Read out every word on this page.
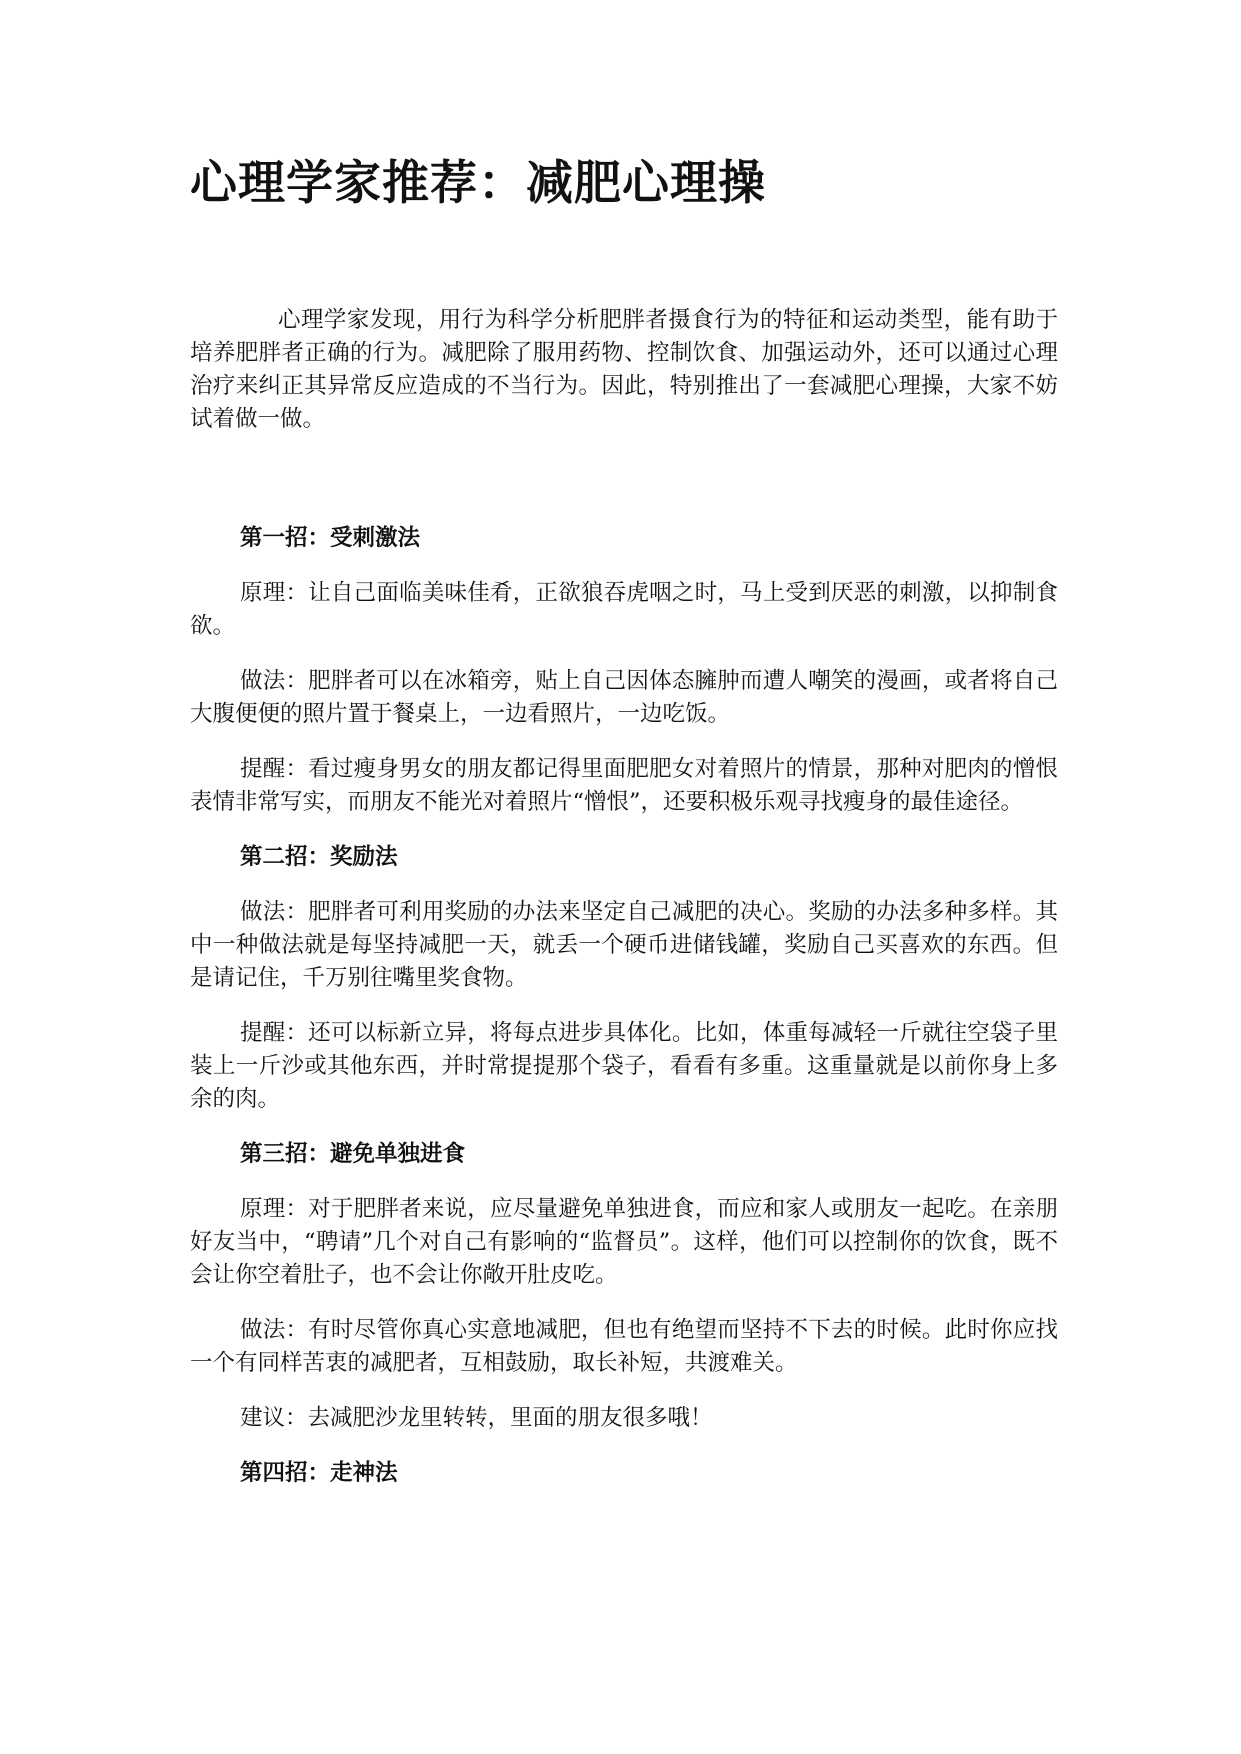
心理学家推荐：减肥心理操

心理学家发现，用行为科学分析肥胖者摄食行为的特征和运动类型，能有助于培养肥胖者正确的行为。减肥除了服用药物、控制饮食、加强运动外，还可以通过心理治疗来纠正其异常反应造成的不当行为。因此，特别推出了一套减肥心理操，大家不妨试着做一做。

第一招：受刺激法

原理：让自己面临美味佳肴，正欲狼吞虎咽之时，马上受到厌恶的刺激，以抑制食欲。

做法：肥胖者可以在冰箱旁，贴上自己因体态臃肿而遭人嘲笑的漫画，或者将自己大腹便便的照片置于餐桌上，一边看照片，一边吃饭。

提醒：看过瘦身男女的朋友都记得里面肥肥女对着照片的情景，那种对肥肉的憎恨表情非常写实，而朋友不能光对着照片“憎恨”，还要积极乐观寻找瘦身的最佳途径。

第二招：奖励法

做法：肥胖者可利用奖励的办法来坚定自己减肥的决心。奖励的办法多种多样。其中一种做法就是每坚持减肥一天，就丢一个硬币进储钱罐，奖励自己买喜欢的东西。但是请记住，千万别往嘴里奖食物。

提醒：还可以标新立异，将每点进步具体化。比如，体重每减轻一斤就往空袋子里装上一斤沙或其他东西，并时常提提那个袋子，看看有多重。这重量就是以前你身上多余的肉。

第三招：避免单独进食

原理：对于肥胖者来说，应尽量避免单独进食，而应和家人或朋友一起吃。在亲朋好友当中，“聘请”几个对自己有影响的“监督员”。这样，他们可以控制你的饮食，既不会让你空着肚子，也不会让你敞开肚皮吃。

做法：有时尽管你真心实意地减肥，但也有绝望而坚持不下去的时候。此时你应找一个有同样苦衷的减肥者，互相鼓励，取长补短，共渡难关。

建议：去减肥沙龙里转转，里面的朋友很多哦！

第四招：走神法
